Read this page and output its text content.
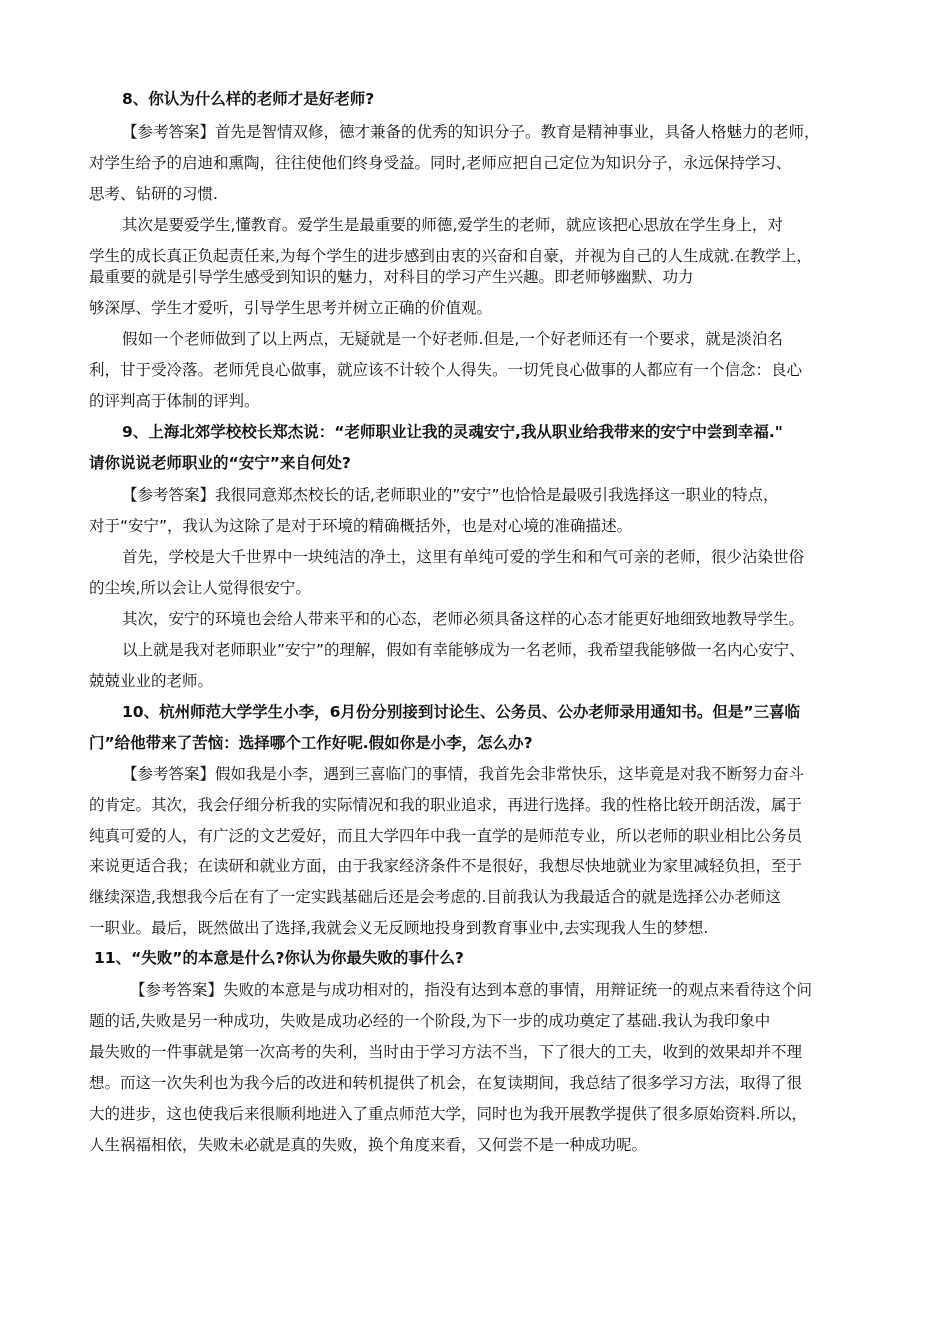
8、你认为什么样的老师才是好老师?
【参考答案】首先是智情双修，德才兼备的优秀的知识分子。教育是精神事业，具备人格魅力的老师，
对学生给予的启迪和熏陶，往往使他们终身受益。同时,老师应把自己定位为知识分子，永远保持学习、
思考、钻研的习惯.
其次是要爱学生,懂教育。爱学生是最重要的师德,爱学生的老师，就应该把心思放在学生身上，对
学生的成长真正负起责任来,为每个学生的进步感到由衷的兴奋和自豪，并视为自己的人生成就.在教学上，
最重要的就是引导学生感受到知识的魅力，对科目的学习产生兴趣。即老师够幽默、功力
够深厚、学生才爱听，引导学生思考并树立正确的价值观。
假如一个老师做到了以上两点，无疑就是一个好老师.但是,一个好老师还有一个要求，就是淡泊名
利，甘于受冷落。老师凭良心做事，就应该不计较个人得失。一切凭良心做事的人都应有一个信念：良心
的评判高于体制的评判。
9、上海北郊学校校长郑杰说：“老师职业让我的灵魂安宁,我从职业给我带来的安宁中尝到幸福."
请你说说老师职业的“安宁”来自何处?
【参考答案】我很同意郑杰校长的话,老师职业的”安宁”也恰恰是最吸引我选择这一职业的特点，
对于“安宁”，我认为这除了是对于环境的精确概括外，也是对心境的准确描述。
首先，学校是大千世界中一块纯洁的净土，这里有单纯可爱的学生和和气可亲的老师，很少沾染世俗
的尘埃,所以会让人觉得很安宁。
其次，安宁的环境也会给人带来平和的心态，老师必须具备这样的心态才能更好地细致地教导学生。
以上就是我对老师职业”安宁”的理解，假如有幸能够成为一名老师，我希望我能够做一名内心安宁、
兢兢业业的老师。
10、杭州师范大学学生小李，6月份分别接到讨论生、公务员、公办老师录用通知书。但是”三喜临
门”给他带来了苦恼：选择哪个工作好呢.假如你是小李，怎么办?
【参考答案】假如我是小李，遇到三喜临门的事情，我首先会非常快乐，这毕竟是对我不断努力奋斗
的肯定。其次，我会仔细分析我的实际情况和我的职业追求，再进行选择。我的性格比较开朗活泼，属于
纯真可爱的人，有广泛的文艺爱好，而且大学四年中我一直学的是师范专业，所以老师的职业相比公务员
来说更适合我；在读研和就业方面，由于我家经济条件不是很好，我想尽快地就业为家里减轻负担，至于
继续深造,我想我今后在有了一定实践基础后还是会考虑的.目前我认为我最适合的就是选择公办老师这
一职业。最后，既然做出了选择,我就会义无反顾地投身到教育事业中,去实现我人生的梦想.
11、“失败”的本意是什么?你认为你最失败的事什么?
【参考答案】失败的本意是与成功相对的，指没有达到本意的事情，用辩证统一的观点来看待这个问
题的话,失败是另一种成功，失败是成功必经的一个阶段,为下一步的成功奠定了基础.我认为我印象中
最失败的一件事就是第一次高考的失利，当时由于学习方法不当，下了很大的工夫，收到的效果却并不理
想。而这一次失利也为我今后的改进和转机提供了机会，在复读期间，我总结了很多学习方法，取得了很
大的进步，这也使我后来很顺利地进入了重点师范大学，同时也为我开展教学提供了很多原始资料.所以，
人生祸福相依，失败未必就是真的失败，换个角度来看，又何尝不是一种成功呢。
